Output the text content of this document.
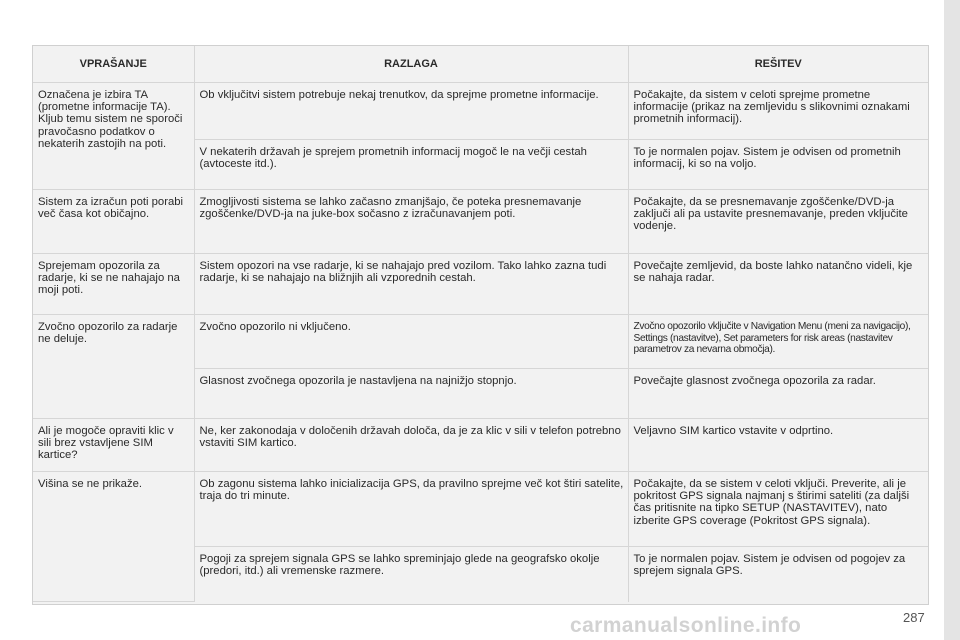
VPRAŠANJE	RAZLAGA	REŠITEV
Označena je izbira TA (prometne informacije TA). Kljub temu sistem ne sporoči pravočasno podatkov o nekaterih zastojih na poti.	Ob vključitvi sistem potrebuje nekaj trenutkov, da sprejme prometne informacije.	Počakajte, da sistem v celoti sprejme prometne informacije (prikaz na zemljevidu s slikovnimi oznakami prometnih informacij).
	V nekaterih državah je sprejem prometnih informacij mogoč le na večji cestah (avtoceste itd.).	To je normalen pojav. Sistem je odvisen od prometnih informacij, ki so na voljo.
Sistem za izračun poti porabi več časa kot običajno.	Zmogljivosti sistema se lahko začasno zmanjšajo, če poteka presnemavanje zgoščenke/DVD-ja na juke-box sočasno z izračunavanjem poti.	Počakajte, da se presnemavanje zgoščenke/DVD-ja zaključi ali pa ustavite presnemavanje, preden vključite vodenje.
Sprejemam opozorila za radarje, ki se ne nahajajo na moji poti.	Sistem opozori na vse radarje, ki se nahajajo pred vozilom. Tako lahko zazna tudi radarje, ki se nahajajo na bližnjih ali vzporednih cestah.	Povečajte zemljevid, da boste lahko natančno videli, kje se nahaja radar.
Zvočno opozorilo za radarje ne deluje.	Zvočno opozorilo ni vključeno.	Zvočno opozorilo vključite v Navigation Menu (meni za navigacijo), Settings (nastavitve), Set parameters for risk areas (nastavitev parametrov za nevarna območja).
	Glasnost zvočnega opozorila je nastavljena na najnižjo stopnjo.	Povečajte glasnost zvočnega opozorila za radar.
Ali je mogoče opraviti klic v sili brez vstavljene SIM kartice?	Ne, ker zakonodaja v določenih državah določa, da je za klic v sili v telefon potrebno vstaviti SIM kartico.	Veljavno SIM kartico vstavite v odprtino.
Višina se ne prikaže.	Ob zagonu sistema lahko inicializacija GPS, da pravilno sprejme več kot štiri satelite, traja do tri minute.	Počakajte, da se sistem v celoti vključi. Preverite, ali je pokritost GPS signala najmanj s štirimi sateliti (za daljši čas pritisnite na tipko SETUP (NASTAVITEV), nato izberite GPS coverage (Pokritost GPS signala).
	Pogoji za sprejem signala GPS se lahko spreminjajo glede na geografsko okolje (predori, itd.) ali vremenske razmere.	To je normalen pojav. Sistem je odvisen od pogojev za sprejem signala GPS.
carmanualsonline.info	287
